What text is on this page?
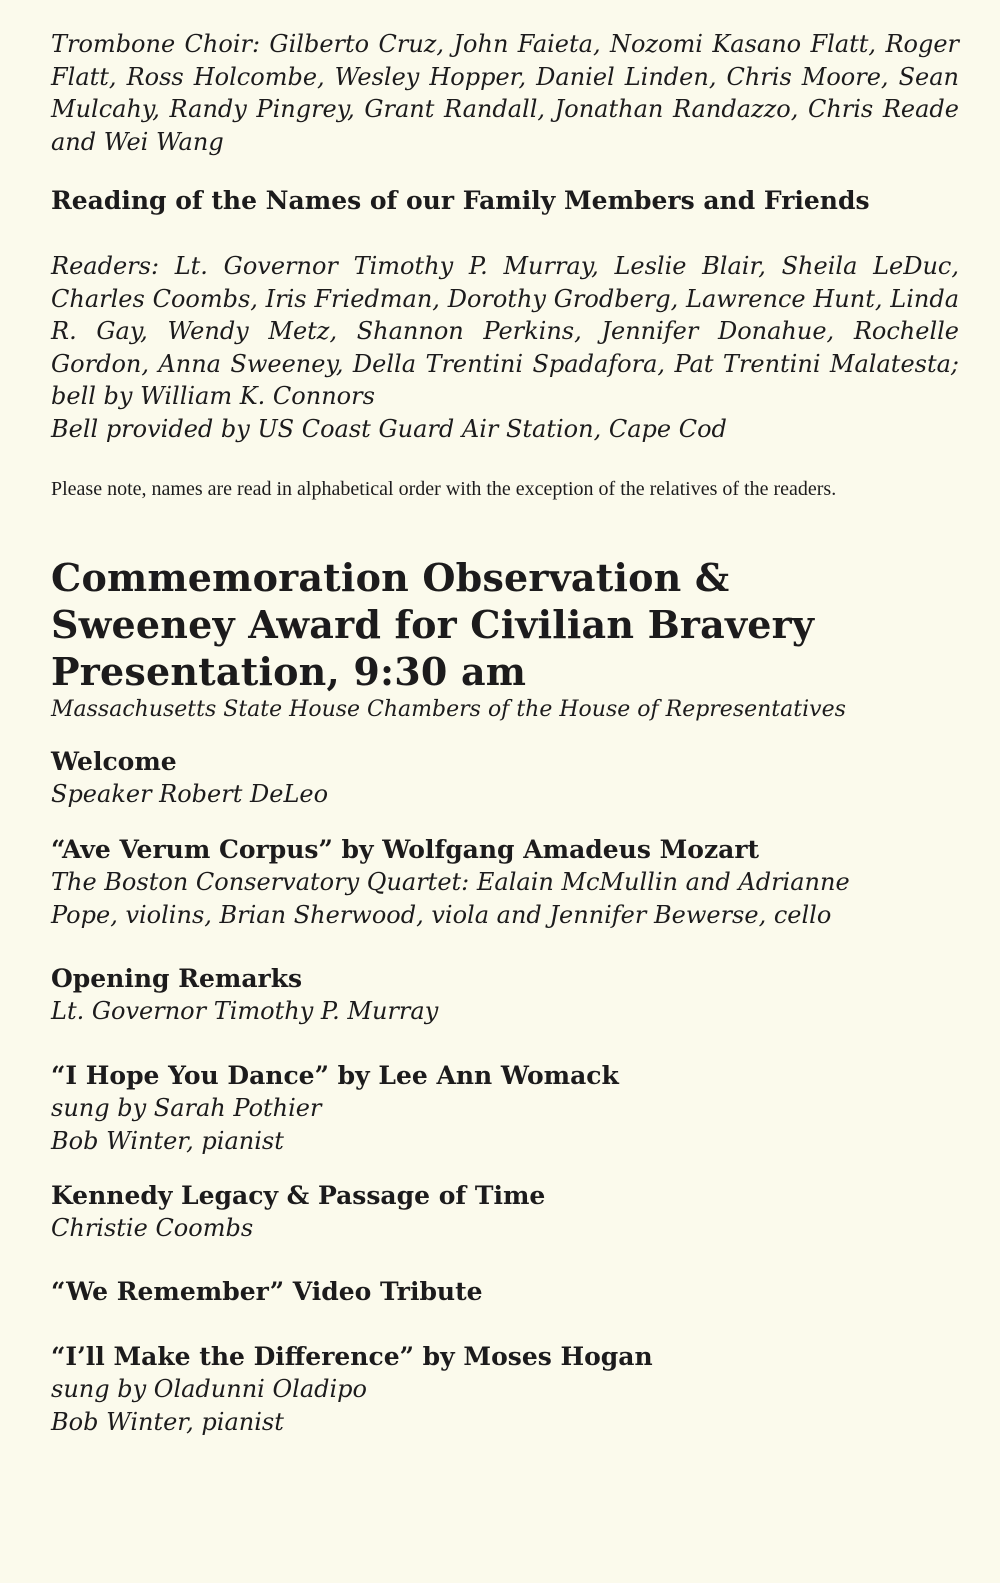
Trombone Choir: Gilberto Cruz, John Faieta, Nozomi Kasano Flatt, Roger Flatt, Ross Holcombe, Wesley Hopper, Daniel Linden, Chris Moore, Sean Mulcahy, Randy Pingrey, Grant Randall, Jonathan Randazzo, Chris Reade and Wei Wang

Reading of the Names of our Family Members and Friends

Readers: Lt. Governor Timothy P. Murray, Leslie Blair, Sheila LeDuc, Charles Coombs, Iris Friedman, Dorothy Grodberg, Lawrence Hunt, Linda R. Gay, Wendy Metz, Shannon Perkins, Jennifer Donahue, Rochelle Gordon, Anna Sweeney, Della Trentini Spadafora, Pat Trentini Malatesta; bell by William K. Connors

Bell provided by US Coast Guard Air Station, Cape Cod

Please note, names are read in alphabetical order with the exception of the relatives of the readers.

Commemoration Observation &

Sweeney Award for Civilian Bravery

Presentation, 9:30 am

Massachusetts State House Chambers of the House of Representatives

Welcome

Speaker Robert DeLeo

“Ave Verum Corpus” by Wolfgang Amadeus Mozart

The Boston Conservatory Quartet: Ealain McMullin and Adrianne

Pope, violins, Brian Sherwood, viola and Jennifer Bewerse, cello

Opening Remarks

Lt. Governor Timothy P. Murray

“I Hope You Dance” by Lee Ann Womack

sung by Sarah Pothier

Bob Winter, pianist

Kennedy Legacy & Passage of Time

Christie Coombs

“We Remember” Video Tribute

“I’ll Make the Difference” by Moses Hogan

sung by Oladunni Oladipo

Bob Winter, pianist
